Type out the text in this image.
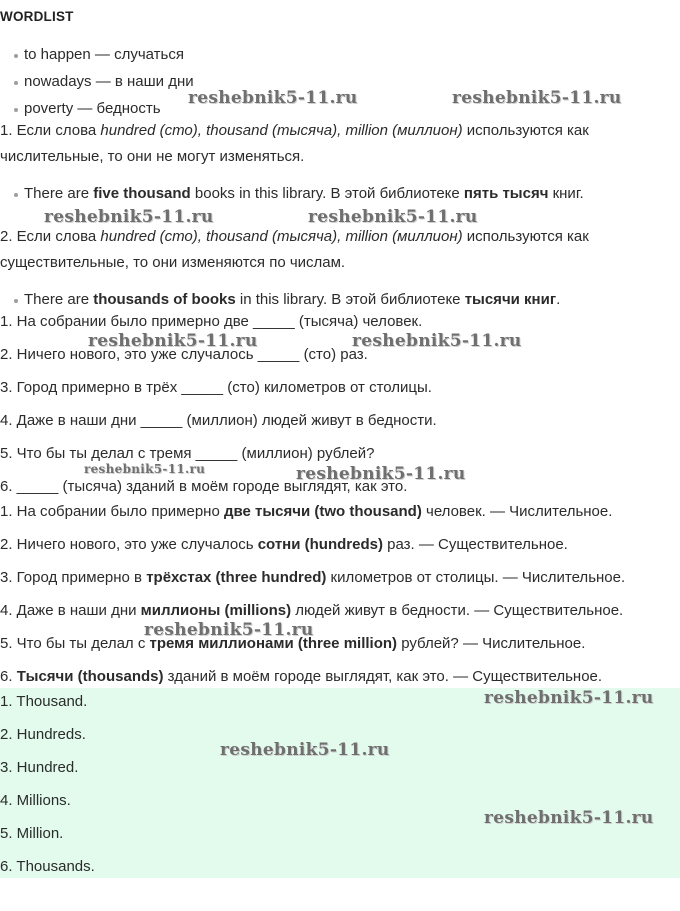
WORDLIST
to happen — случаться
nowadays — в наши дни
poverty — бедность
1. Если слова hundred (сто), thousand (тысяча), million (миллион) используются как
числительные, то они не могут изменяться.
There are five thousand books in this library. В этой библиотеке пять тысяч книг.
2. Если слова hundred (сто), thousand (тысяча), million (миллион) используются как
существительные, то они изменяются по числам.
There are thousands of books in this library. В этой библиотеке тысячи книг.
1. На собрании было примерно две _____ (тысяча) человек.
2. Ничего нового, это уже случалось _____ (сто) раз.
3. Город примерно в трёх _____ (сто) километров от столицы.
4. Даже в наши дни _____ (миллион) людей живут в бедности.
5. Что бы ты делал с тремя _____ (миллион) рублей?
6. _____ (тысяча) зданий в моём городе выглядят, как это.
1. На собрании было примерно две тысячи (two thousand) человек. — Числительное.
2. Ничего нового, это уже случалось сотни (hundreds) раз. — Существительное.
3. Город примерно в трёхстах (three hundred) километров от столицы. — Числительное.
4. Даже в наши дни миллионы (millions) людей живут в бедности. — Существительное.
5. Что бы ты делал с тремя миллионами (three million) рублей? — Числительное.
6. Тысячи (thousands) зданий в моём городе выглядят, как это. — Существительное.
1. Thousand.
2. Hundreds.
3. Hundred.
4. Millions.
5. Million.
6. Thousands.
reshebnik5-11.ru	reshebnik5-11.ru
reshebnik5-11.ru	reshebnik5-11.ru
reshebnik5-11.ru	reshebnik5-11.ru
reshebnik5-11.ru	reshebnik5-11.ru
reshebnik5-11.ru
reshebnik5-11.ru
reshebnik5-11.ru
reshebnik5-11.ru
